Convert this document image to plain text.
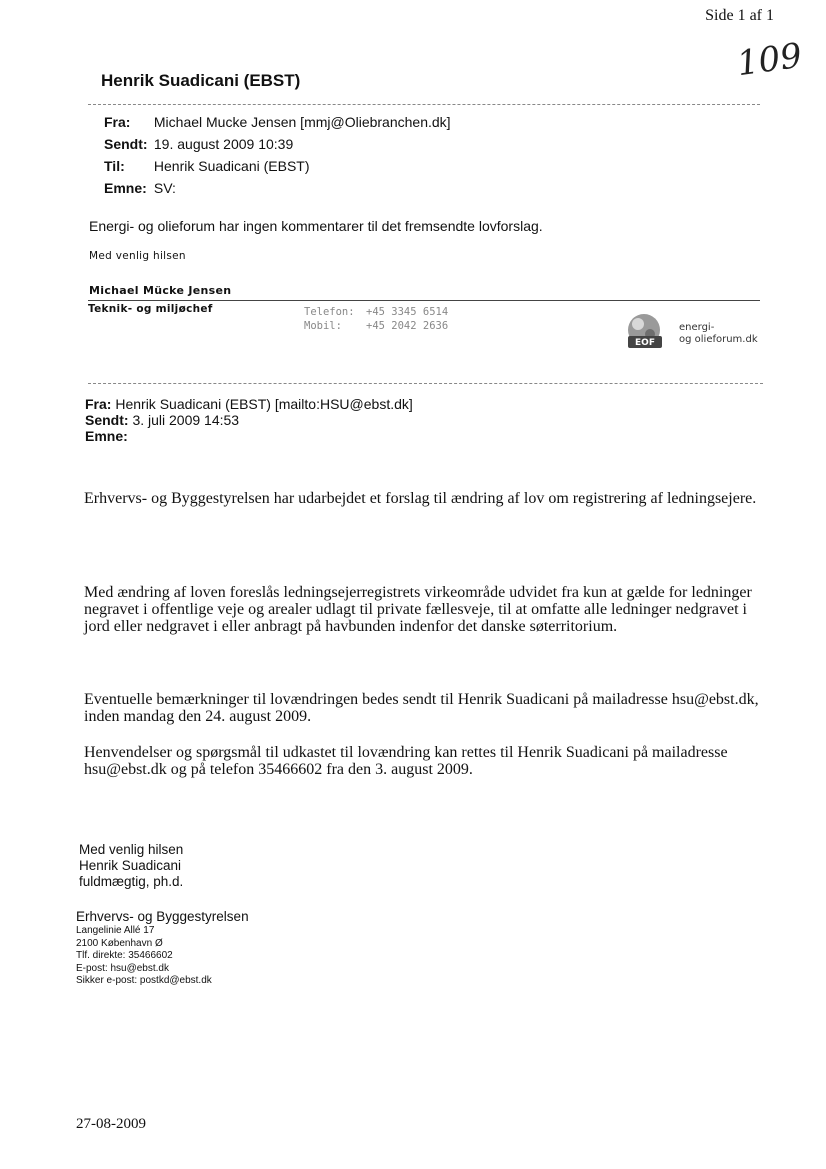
Side 1 af 1
109
Henrik Suadicani (EBST)
Fra: Michael Mucke Jensen [mmj@Oliebranchen.dk]
Sendt: 19. august 2009 10:39
Til: Henrik Suadicani (EBST)
Emne: SV:
Energi- og olieforum har ingen kommentarer til det fremsendte lovforslag.
Med venlig hilsen
Michael Mücke Jensen
Teknik- og miljøchef	Telefon: +45 3345 6514
Mobil: +45 2042 2636
EOF
energi-
og olieforum.dk
Fra: Henrik Suadicani (EBST) [mailto:HSU@ebst.dk]
Sendt: 3. juli 2009 14:53
Emne:
Erhvervs- og Byggestyrelsen har udarbejdet et forslag til ændring af lov om registrering af ledningsejere.
Med ændring af loven foreslås ledningsejerregistrets virkeområde udvidet fra kun at gælde for ledninger negravet i offentlige veje og arealer udlagt til private fællesveje, til at omfatte alle ledninger nedgravet i jord eller nedgravet i eller anbragt på havbunden indenfor det danske søterritorium.
Eventuelle bemærkninger til lovændringen bedes sendt til Henrik Suadicani på mailadresse hsu@ebst.dk, inden mandag den 24. august 2009.
Henvendelser og spørgsmål til udkastet til lovændring kan rettes til Henrik Suadicani på mailadresse hsu@ebst.dk og på telefon 35466602 fra den 3. august 2009.
Med venlig hilsen
Henrik Suadicani
fuldmægtig, ph.d.
Erhvervs- og Byggestyrelsen
Langelinie Allé 17
2100 København Ø
Tlf. direkte: 35466602
E-post: hsu@ebst.dk
Sikker e-post: postkd@ebst.dk
27-08-2009
